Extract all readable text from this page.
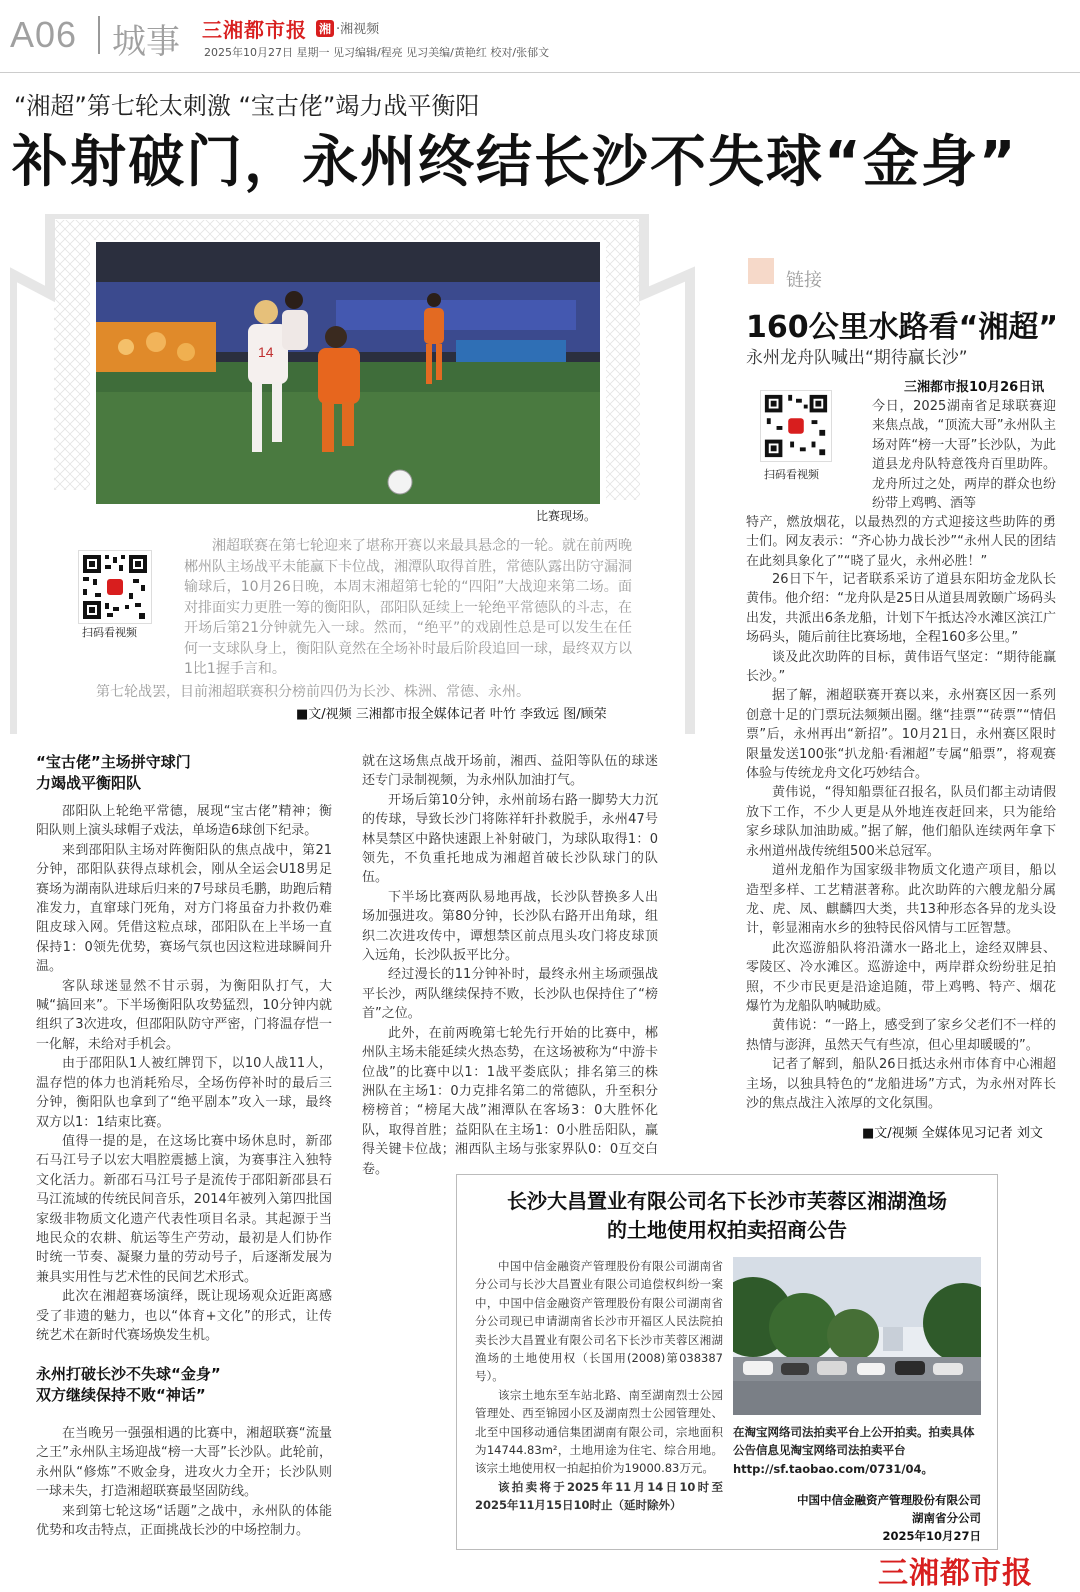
A06 城事 三湘都市报 湘 ·湘视频
2025年10月27日 星期一 见习编辑/程亮 见习美编/黄艳红 校对/张郁文
“湘超”第七轮太刺激 “宝古佬”竭力战平衡阳
补射破门，永州终结长沙不失球“金身”
14
比赛现场。
扫码看视频
湘超联赛在第七轮迎来了堪称开赛以来最具悬念的一轮。就在前两晚郴州队主场战平未能赢下卡位战，湘潭队取得首胜，常德队露出防守漏洞输球后，10月26日晚，本周末湘超第七轮的“四阳”大战迎来第二场。面对排面实力更胜一筹的衡阳队，邵阳队延续上一轮绝平常德队的斗志，在开场后第21分钟就先入一球。然而，“绝平”的戏剧性总是可以发生在任何一支球队身上，衡阳队竟然在全场补时最后阶段追回一球，最终双方以1比1握手言和。
第七轮战罢，目前湘超联赛积分榜前四仍为长沙、株洲、常德、永州。
■文/视频 三湘都市报全媒体记者 叶竹 李致远 图/顾荣
“宝古佬”主场拼守球门
力竭战平衡阳队

邵阳队上轮绝平常德，展现“宝古佬”精神；衡阳队则上演头球帽子戏法，单场造6球创下纪录。

来到邵阳队主场对阵衡阳队的焦点战中，第21分钟，邵阳队获得点球机会，刚从全运会U18男足赛场为湖南队进球后归来的7号球员毛鹏，助跑后精准发力，直窜球门死角，对方门将虽奋力扑救仍难阻皮球入网。凭借这粒点球，邵阳队在上半场一直保持1：0领先优势，赛场气氛也因这粒进球瞬间升温。

客队球迷显然不甘示弱，为衡阳队打气，大喊“搞回来”。下半场衡阳队攻势猛烈，10分钟内就组织了3次进攻，但邵阳队防守严密，门将温存恺一一化解，未给对手机会。

由于邵阳队1人被红牌罚下，以10人战11人，温存恺的体力也消耗殆尽，全场伤停补时的最后三分钟，衡阳队也拿到了“绝平剧本”攻入一球，最终双方以1：1结束比赛。

值得一提的是，在这场比赛中场休息时，新邵石马江号子以宏大唱腔震撼上演，为赛事注入独特文化活力。新邵石马江号子是流传于邵阳新邵县石马江流域的传统民间音乐，2014年被列入第四批国家级非物质文化遗产代表性项目名录。其起源于当地民众的农耕、航运等生产劳动，最初是人们协作时统一节奏、凝聚力量的劳动号子，后逐渐发展为兼具实用性与艺术性的民间艺术形式。

此次在湘超赛场演绎，既让现场观众近距离感受了非遗的魅力，也以“体育+文化”的形式，让传统艺术在新时代赛场焕发生机。

永州打破长沙不失球“金身”
双方继续保持不败“神话”

在当晚另一强强相遇的比赛中，湘超联赛“流量之王”永州队主场迎战“榜一大哥”长沙队。此轮前，永州队“修炼”不败金身，进攻火力全开；长沙队则一球未失，打造湘超联赛最坚固防线。

来到第七轮这场“话题”之战中，永州队的体能优势和攻击特点，正面挑战长沙的中场控制力。

就在这场焦点战开场前，湘西、益阳等队伍的球迷还专门录制视频，为永州队加油打气。

开场后第10分钟，永州前场右路一脚势大力沉的传球，导致长沙门将陈祥轩扑救脱手，永州47号林昊禁区中路快速跟上补射破门，为球队取得1：0领先，不负重托地成为湘超首破长沙队球门的队伍。

下半场比赛两队易地再战，长沙队替换多人出场加强进攻。第80分钟，长沙队右路开出角球，组织二次进攻传中，谭想禁区前点甩头攻门将皮球顶入远角，长沙队扳平比分。

经过漫长的11分钟补时，最终永州主场顽强战平长沙，两队继续保持不败，长沙队也保持住了“榜首”之位。

此外，在前两晚第七轮先行开始的比赛中，郴州队主场未能延续火热态势，在这场被称为“中游卡位战”的比赛中以1：1战平娄底队；排名第三的株洲队在主场1：0力克排名第二的常德队，升至积分榜榜首；“榜尾大战”湘潭队在客场3：0大胜怀化队，取得首胜；益阳队在主场1：0小胜岳阳队，赢得关键卡位战；湘西队主场与张家界队0：0互交白卷。

链接
160公里水路看“湘超”
永州龙舟队喊出“期待赢长沙”
扫码看视频
三湘都市报10月26日讯
今日，2025湖南省足球联赛迎来焦点战，“顶流大哥”永州队主场对阵“榜一大哥”长沙队，为此道县龙舟队特意筏舟百里助阵。龙舟所过之处，两岸的群众也纷纷带上鸡鸭、酒等
特产，燃放烟花，以最热烈的方式迎接这些助阵的勇士们。网友表示：“齐心协力战长沙”“永州人民的团结在此刻具象化了”“晓了显火，永州必胜！”

26日下午，记者联系采访了道县东阳坊金龙队长黄伟。他介绍：“龙舟队是25日从道县周敦颐广场码头出发，共派出6条龙船，计划下午抵达冷水滩区滨江广场码头，随后前往比赛场地，全程160多公里。”

谈及此次助阵的目标，黄伟语气坚定：“期待能赢长沙。”

据了解，湘超联赛开赛以来，永州赛区因一系列创意十足的门票玩法频频出圈。继“挂票”“砖票”“情侣票”后，永州再出“新招”。10月21日，永州赛区限时限量发送100张“扒龙船·看湘超”专属“船票”，将观赛体验与传统龙舟文化巧妙结合。

黄伟说，“得知船票征召报名，队员们都主动请假放下工作，不少人更是从外地连夜赶回来，只为能给家乡球队加油助威。”据了解，他们船队连续两年拿下永州道州战传统组500米总冠军。

道州龙船作为国家级非物质文化遗产项目，船以造型多样、工艺精湛著称。此次助阵的六艘龙船分属龙、虎、凤、麒麟四大类，共13种形态各异的龙头设计，彰显湘南水乡的独特民俗风情与工匠智慧。

此次巡游船队将沿潇水一路北上，途经双牌县、零陵区、冷水滩区。巡游途中，两岸群众纷纷驻足拍照，不少市民更是沿途追随，带上鸡鸭、特产、烟花爆竹为龙船队呐喊助威。

黄伟说：“一路上，感受到了家乡父老们不一样的热情与澎湃，虽然天气有些凉，但心里却暖暖的”。

记者了解到，船队26日抵达永州市体育中心湘超主场，以独具特色的“龙船进场”方式，为永州对阵长沙的焦点战注入浓厚的文化氛围。

■文/视频 全媒体见习记者 刘文
长沙大昌置业有限公司名下长沙市芙蓉区湘湖渔场
的土地使用权拍卖招商公告

中国中信金融资产管理股份有限公司湖南省分公司与长沙大昌置业有限公司追偿权纠纷一案中，中国中信金融资产管理股份有限公司湖南省分公司现已申请湖南省长沙市开福区人民法院拍卖长沙大昌置业有限公司名下长沙市芙蓉区湘湖渔场的土地使用权（长国用(2008)第038387号）。

该宗土地东至车站北路、南至湖南烈士公园管理处、西至锦园小区及湖南烈士公园管理处、北至中国移动通信集团湖南有限公司，宗地面积为14744.83m²，土地用途为住宅、综合用地。该宗土地使用权一拍起拍价为19000.83万元。

该拍卖将于2025年11月14日10时至2025年11月15日10时止（延时除外）

在淘宝网络司法拍卖平台上公开拍卖。拍卖具体公告信息见淘宝网络司法拍卖平台http://sf.taobao.com/0731/04。
中国中信金融资产管理股份有限公司
湖南省分公司
2025年10月27日
三湘都市报
